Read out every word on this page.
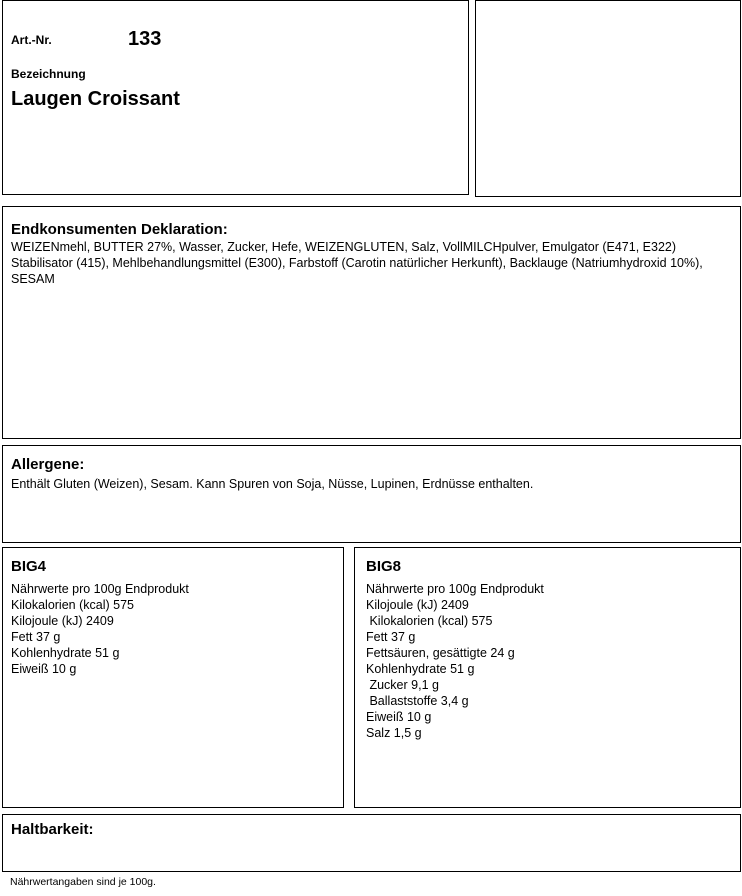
Art.-Nr.	133
Bezeichnung
Laugen Croissant
Endkonsumenten Deklaration:
WEIZENmehl, BUTTER 27%, Wasser, Zucker, Hefe, WEIZENGLUTEN, Salz, VollMILCHpulver, Emulgator (E471, E322) Stabilisator (415), Mehlbehandlungsmittel (E300), Farbstoff (Carotin natürlicher Herkunft), Backlauge (Natriumhydroxid 10%), SESAM
Allergene:
Enthält Gluten (Weizen), Sesam. Kann Spuren von Soja, Nüsse, Lupinen, Erdnüsse enthalten.
BIG4
Nährwerte pro 100g Endprodukt
Kilokalorien (kcal) 575
Kilojoule (kJ) 2409
Fett 37 g
Kohlenhydrate 51 g
Eiweiß 10 g
BIG8
Nährwerte pro 100g Endprodukt
Kilojoule (kJ) 2409
Kilokalorien (kcal) 575
Fett 37 g
Fettsäuren, gesättigte 24 g
Kohlenhydrate 51 g
Zucker 9,1 g
Ballaststoffe 3,4 g
Eiweiß 10 g
Salz 1,5 g
Haltbarkeit:
Nährwertangaben sind je 100g.
